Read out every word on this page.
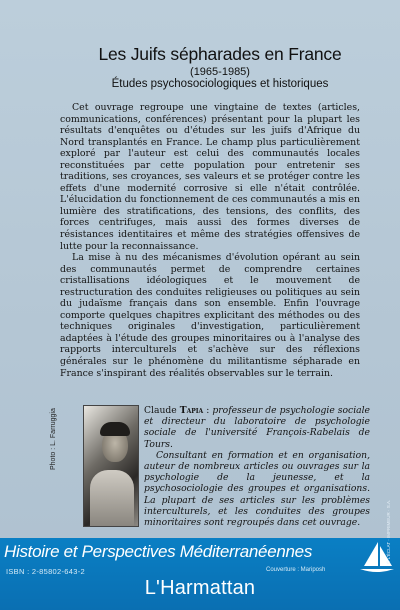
Les Juifs sépharades en France
(1965-1985)
Études psychosociologiques et historiques

Cet ouvrage regroupe une vingtaine de textes (articles, communications, conférences) présentant pour la plupart les résultats d'enquêtes ou d'études sur les juifs d'Afrique du Nord transplantés en France. Le champ plus particulièrement exploré par l'auteur est celui des communautés locales reconstituées par cette population pour entretenir ses traditions, ses croyances, ses valeurs et se protéger contre les effets d'une modernité corrosive si elle n'était contrôlée. L'élucidation du fonctionnement de ces communautés a mis en lumière des stratifications, des tensions, des conflits, des forces centrifuges, mais aussi des formes diverses de résistances identitaires et même des stratégies offensives de lutte pour la reconnaissance.

La mise à nu des mécanismes d'évolution opérant au sein des communautés permet de comprendre certaines cristallisations idéologiques et le mouvement de restructuration des conduites religieuses ou politiques au sein du judaïsme français dans son ensemble. Enfin l'ouvrage comporte quelques chapitres explicitant des méthodes ou des techniques originales d'investigation, particulièrement adaptées à l'étude des groupes minoritaires ou à l'analyse des rapports interculturels et s'achève sur des réflexions générales sur le phénomène du militantisme sépharade en France s'inspirant des réalités observables sur le terrain.

Photo : L. Farruggia	Claude Tapia : professeur de psychologie sociale et directeur du laboratoire de psychologie sociale de l'université François-Rabelais de Tours.

Consultant en formation et en organisation, auteur de nombreux articles ou ouvrages sur la psychologie de la jeunesse, et la psychosociologie des groupes et organisations. La plupart de ses articles sur les problèmes interculturels, et les conduites des groupes minoritaires sont regroupés dans cet ouvrage.

Histoire et Perspectives Méditerranéennes
ISBN : 2-85802-643-2	Couverture : Mariposh
© L'ÉCLAT · IMPRIMEUR · S.A.
L'Harmattan
